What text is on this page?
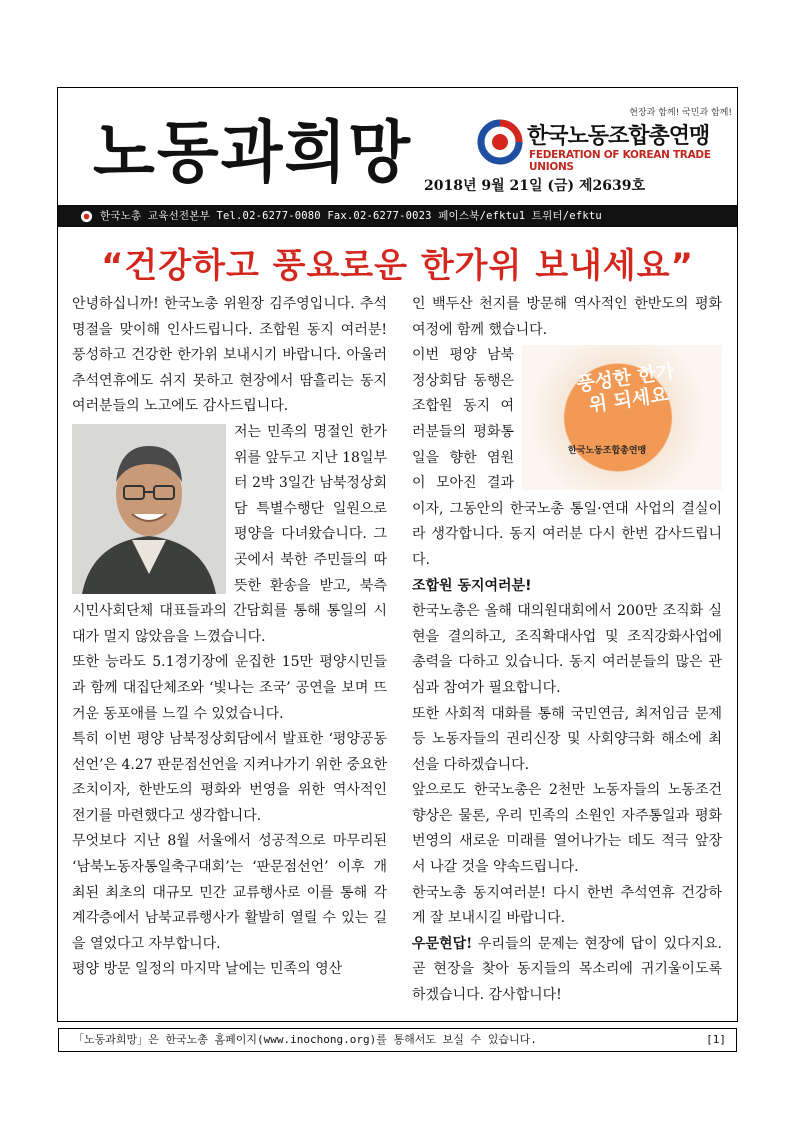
노동과희망
현장과 함께! 국민과 함께!
한국노동조합총연맹
FEDERATION OF KOREAN TRADE UNIONS
2018년 9월 21일 (금) 제2639호
한국노총 교육선전본부 Tel.02-6277-0080 Fax.02-6277-0023 페이스북/efktu1 트위터/efktu
“건강하고 풍요로운 한가위 보내세요”

안녕하십니까! 한국노총 위원장 김주영입니다. 추석 명절을 맞이해 인사드립니다. 조합원 동지 여러분! 풍성하고 건강한 한가위 보내시기 바랍니다. 아울러 추석연휴에도 쉬지 못하고 현장에서 땀흘리는 동지여러분들의 노고에도 감사드립니다.

저는 민족의 명절인 한가위를 앞두고 지난 18일부터 2박 3일간 남북정상회담 특별수행단 일원으로 평양을 다녀왔습니다. 그곳에서 북한 주민들의 따뜻한 환송을 받고, 북측 시민사회단체 대표들과의 간담회를 통해 통일의 시대가 멀지 않았음을 느꼈습니다.

또한 능라도 5.1경기장에 운집한 15만 평양시민들과 함께 대집단체조와 ‘빛나는 조국’ 공연을 보며 뜨거운 동포애를 느낄 수 있었습니다.

특히 이번 평양 남북정상회담에서 발표한 ‘평양공동선언’은 4.27 판문점선언을 지켜나가기 위한 중요한 조치이자, 한반도의 평화와 번영을 위한 역사적인 전기를 마련했다고 생각합니다.

무엇보다 지난 8월 서울에서 성공적으로 마무리된 ‘남북노동자통일축구대회’는 ‘판문점선언’ 이후 개최된 최초의 대규모 민간 교류행사로 이를 통해 각계각층에서 남북교류행사가 활발히 열릴 수 있는 길을 열었다고 자부합니다.

평양 방문 일정의 마지막 날에는 민족의 영산

인 백두산 천지를 방문해 역사적인 한반도의 평화 여정에 함께 했습니다.

풍성한 한가위 되세요
한국노동조합총연맹

이번 평양 남북정상회담 동행은 조합원 동지 여러분들의 평화통일을 향한 염원이 모아진 결과이자, 그동안의 한국노총 통일·연대 사업의 결실이라 생각합니다. 동지 여러분 다시 한번 감사드립니다.

조합원 동지여러분!

한국노총은 올해 대의원대회에서 200만 조직화 실현을 결의하고, 조직확대사업 및 조직강화사업에 총력을 다하고 있습니다. 동지 여러분들의 많은 관심과 참여가 필요합니다.

또한 사회적 대화를 통해 국민연금, 최저임금 문제 등 노동자들의 권리신장 및 사회양극화 해소에 최선을 다하겠습니다.

앞으로도 한국노총은 2천만 노동자들의 노동조건 향상은 물론, 우리 민족의 소원인 자주통일과 평화번영의 새로운 미래를 열어나가는 데도 적극 앞장서 나갈 것을 약속드립니다.

한국노총 동지여러분! 다시 한번 추석연휴 건강하게 잘 보내시길 바랍니다.

우문현답! 우리들의 문제는 현장에 답이 있다지요. 곧 현장을 찾아 동지들의 목소리에 귀기울이도록 하겠습니다. 감사합니다!

「노동과희망」은 한국노총 홈페이지(www.inochong.org)를 통해서도 보실 수 있습니다.	[1]
